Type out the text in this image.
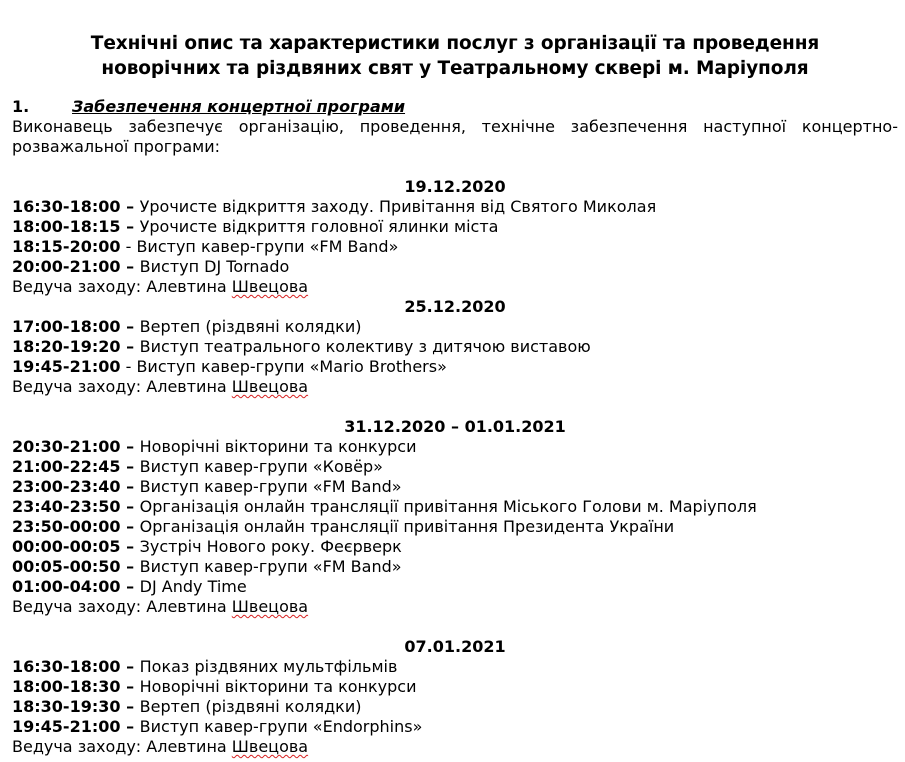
Технічні опис та характеристики послуг з організації та проведення
новорічних та різдвяних свят у Театральному сквері м. Маріуполя
1.	Забезпечення концертної програми

Виконавець забезпечує організацію, проведення, технічне забезпечення наступної концертно-розважальної програми:

19.12.2020
16:30-18:00 – Урочисте відкриття заходу. Привітання від Святого Миколая
18:00-18:15 – Урочисте відкриття головної ялинки міста
18:15-20:00 - Виступ кавер-групи «FM Band»
20:00-21:00 – Виступ DJ Tornado
Ведуча заходу: Алевтина Швецова
25.12.2020
17:00-18:00 – Вертеп (різдвяні колядки)
18:20-19:20 – Виступ театрального колективу з дитячою виставою
19:45-21:00 - Виступ кавер-групи «Mario Brothers»
Ведуча заходу: Алевтина Швецова
31.12.2020 – 01.01.2021
20:30-21:00 – Новорічні вікторини та конкурси
21:00-22:45 – Виступ кавер-групи «Ковёр»
23:00-23:40 – Виступ кавер-групи «FM Band»
23:40-23:50 – Організація онлайн трансляції привітання Міського Голови м. Маріуполя
23:50-00:00 – Організація онлайн трансляції привітання Президента України
00:00-00:05 – Зустріч Нового року. Феєрверк
00:05-00:50 – Виступ кавер-групи «FM Band»
01:00-04:00 – DJ Andy Time
Ведуча заходу: Алевтина Швецова
07.01.2021
16:30-18:00 – Показ різдвяних мультфільмів
18:00-18:30 – Новорічні вікторини та конкурси
18:30-19:30 – Вертеп (різдвяні колядки)
19:45-21:00 – Виступ кавер-групи «Endorphins»
Ведуча заходу: Алевтина Швецова
